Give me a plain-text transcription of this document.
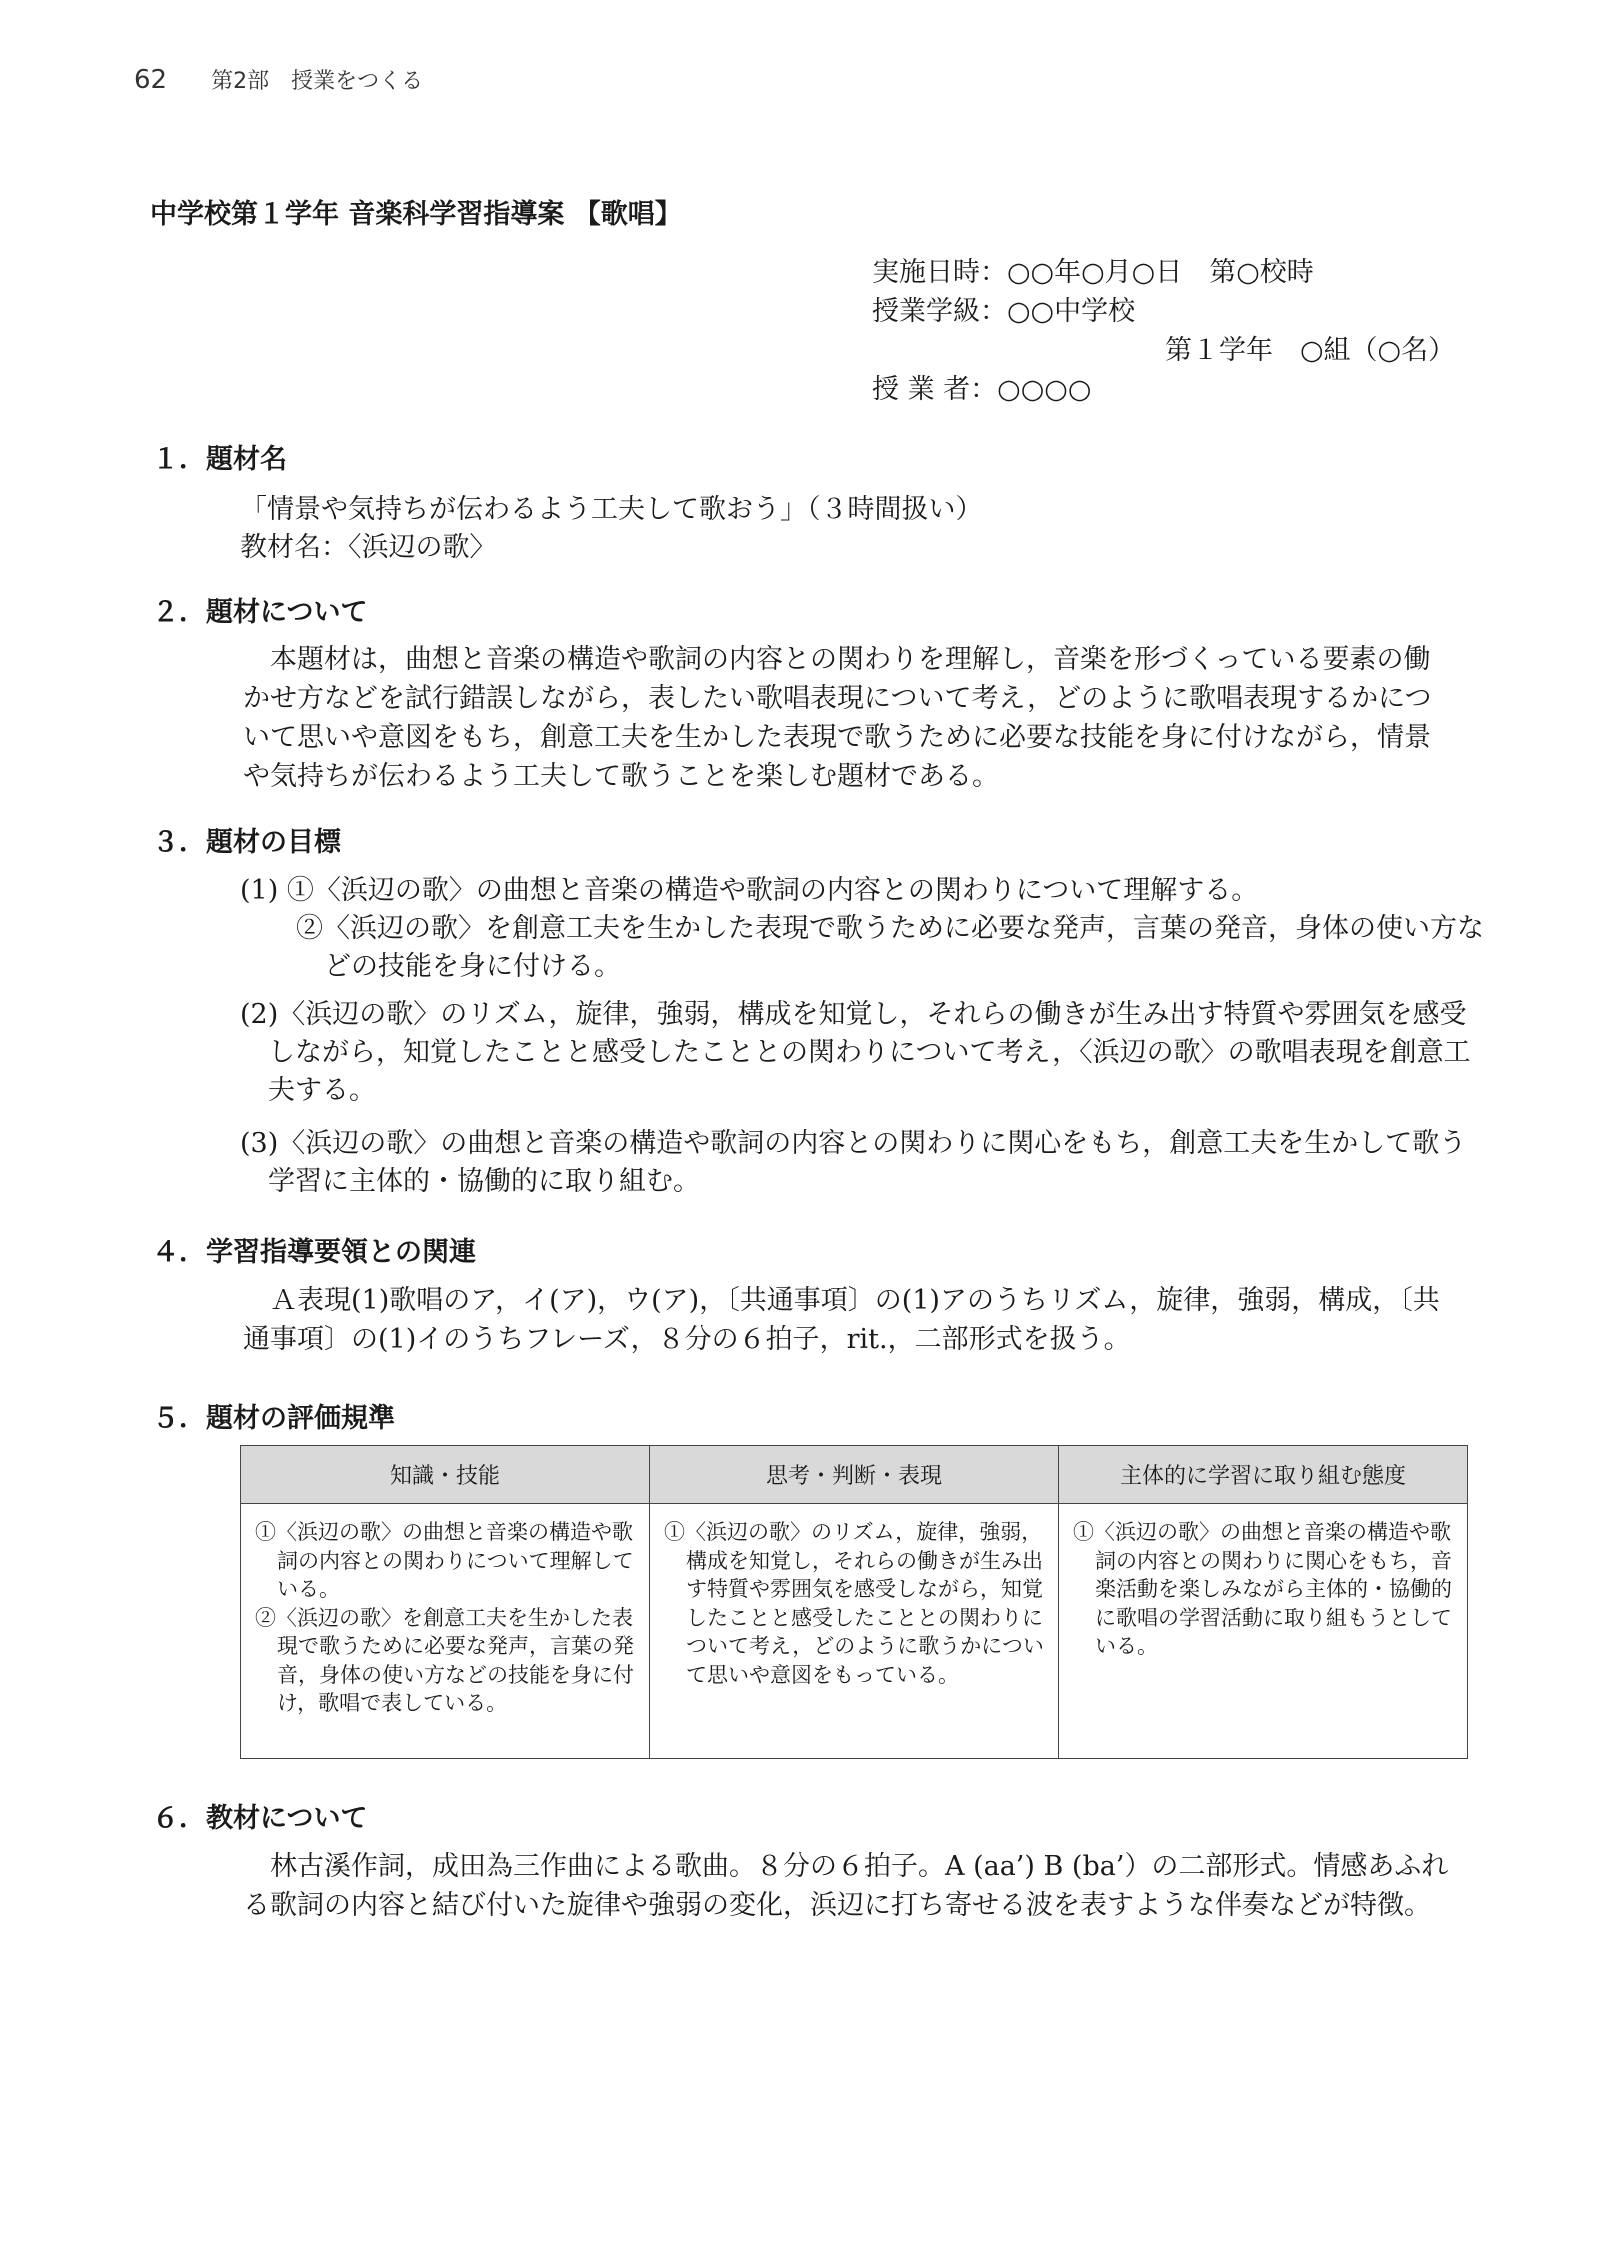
62 第2部　授業をつくる
中学校第１学年 音楽科学習指導案 【歌唱】
実施日時：○○年○月○日　第○校時
授業学級：○○中学校
第１学年　○組（○名）
授 業 者：○○○○
１．題材名
「情景や気持ちが伝わるよう工夫して歌おう」（３時間扱い）
教材名：〈浜辺の歌〉
２．題材について

本題材は，曲想と音楽の構造や歌詞の内容との関わりを理解し，音楽を形づくっている要素の働かせ方などを試行錯誤しながら，表したい歌唱表現について考え，どのように歌唱表現するかについて思いや意図をもち，創意工夫を生かした表現で歌うために必要な技能を身に付けながら，情景や気持ちが伝わるよう工夫して歌うことを楽しむ題材である。

３．題材の目標
(1) ①〈浜辺の歌〉の曲想と音楽の構造や歌詞の内容との関わりについて理解する。
②〈浜辺の歌〉を創意工夫を生かした表現で歌うために必要な発声，言葉の発音，身体の使い方などの技能を身に付ける。
(2)〈浜辺の歌〉のリズム，旋律，強弱，構成を知覚し，それらの働きが生み出す特質や雰囲気を感受しながら，知覚したことと感受したこととの関わりについて考え，〈浜辺の歌〉の歌唱表現を創意工夫する。
(3)〈浜辺の歌〉の曲想と音楽の構造や歌詞の内容との関わりに関心をもち，創意工夫を生かして歌う学習に主体的・協働的に取り組む。
４．学習指導要領との関連

Ａ表現(1)歌唱のア，イ(ア)，ウ(ア)，〔共通事項〕の(1)アのうちリズム，旋律，強弱，構成，〔共通事項〕の(1)イのうちフレーズ，８分の６拍子，rit.，二部形式を扱う。

５．題材の評価規準
知識・技能	思考・判断・表現	主体的に学習に取り組む態度

①〈浜辺の歌〉の曲想と音楽の構造や歌詞の内容との関わりについて理解している。
②〈浜辺の歌〉を創意工夫を生かした表現で歌うために必要な発声，言葉の発音，身体の使い方などの技能を身に付け，歌唱で表している。	①〈浜辺の歌〉のリズム，旋律，強弱，構成を知覚し，それらの働きが生み出す特質や雰囲気を感受しながら，知覚したことと感受したこととの関わりについて考え，どのように歌うかについて思いや意図をもっている。	①〈浜辺の歌〉の曲想と音楽の構造や歌詞の内容との関わりに関心をもち，音楽活動を楽しみながら主体的・協働的に歌唱の学習活動に取り組もうとしている。
６．教材について

林古溪作詞，成田為三作曲による歌曲。８分の６拍子。A (aa’) B (ba’）の二部形式。情感あふれる歌詞の内容と結び付いた旋律や強弱の変化，浜辺に打ち寄せる波を表すような伴奏などが特徴。
